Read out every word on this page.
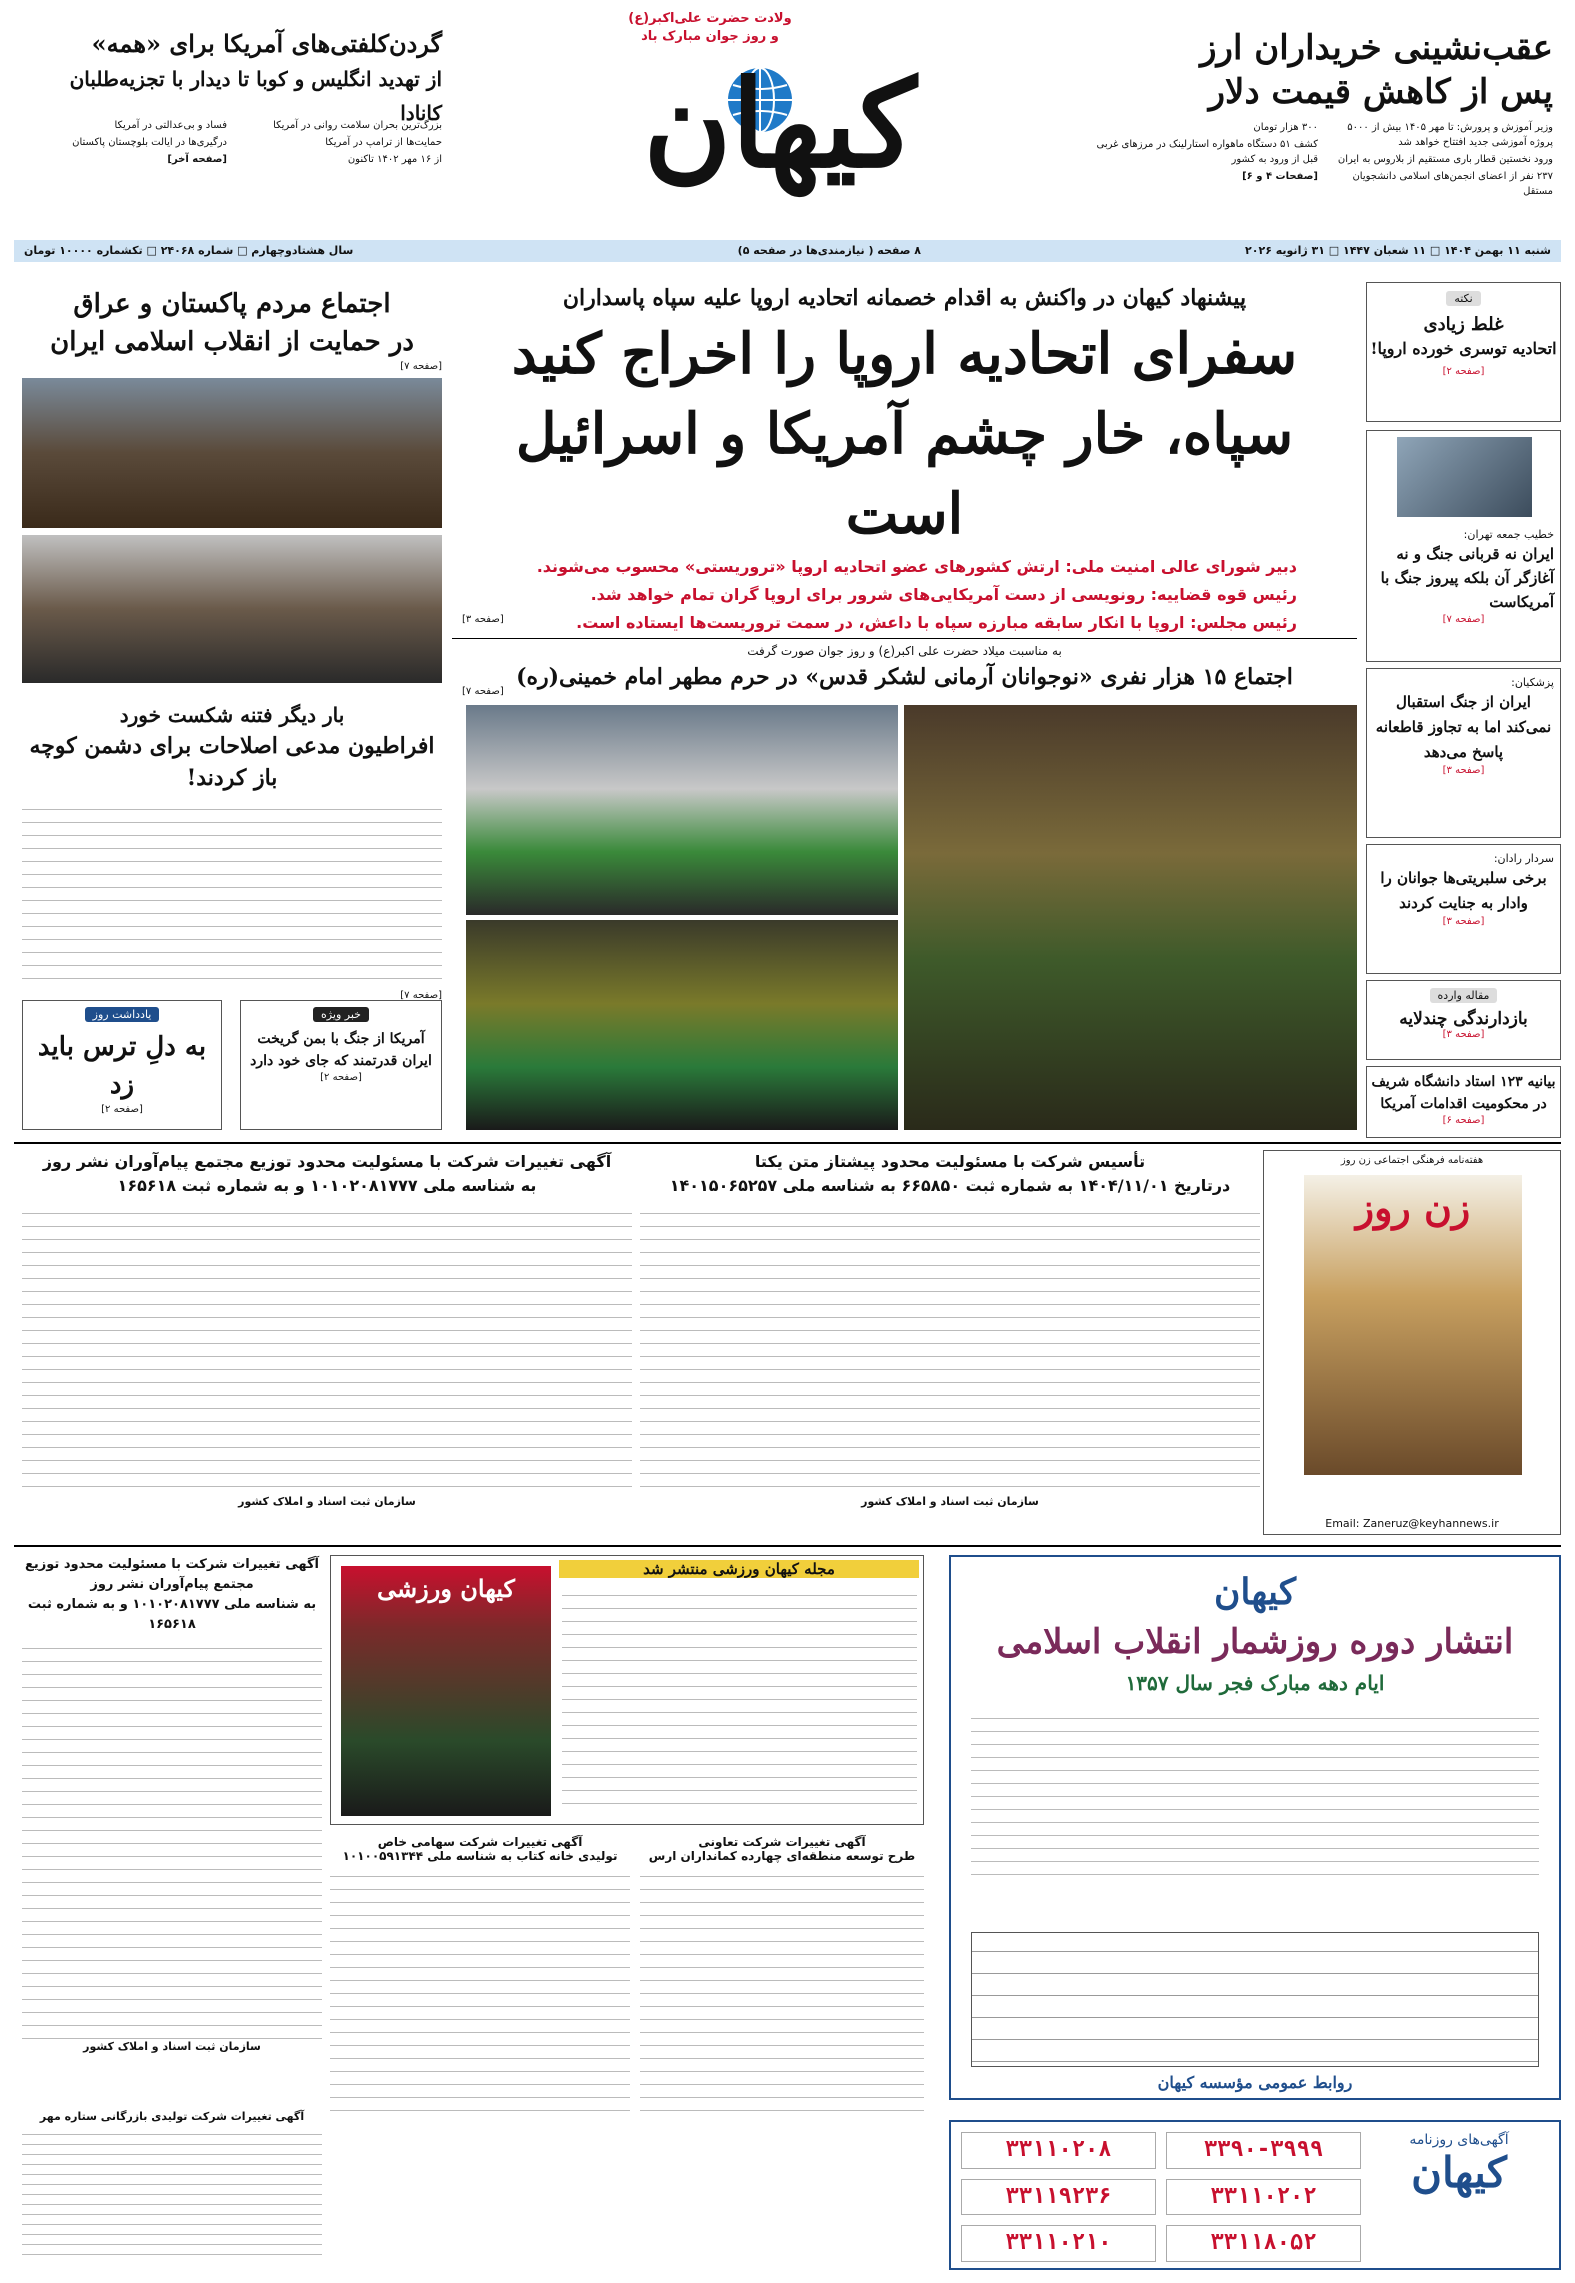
عقب‌نشینی خریداران ارز
پس از کاهش قیمت دلار
وزیر آموزش و پرورش: تا مهر ۱۴۰۵ بیش از ۵۰۰۰ پروژه آموزشی جدید افتتاح خواهد شد
ورود نخستین قطار باری مستقیم از بلاروس به ایران
۲۳۷ نفر از اعضای انجمن‌های اسلامی دانشجویان مستقل
۳۰۰ هزار تومان
کشف ۵۱ دستگاه ماهواره استارلینک در مرزهای غربی قبل از ورود به کشور
[صفحات ۴ و ۶]
ولادت حضرت علی‌اکبر(ع)
و روز جوان مبارک باد
کیهان
گردن‌کلفتی‌های آمریکا برای «همه»
از تهدید انگلیس و کوبا تا دیدار با تجزیه‌طلبان کانادا
بزرگ‌ترین بحران سلامت روانی در آمریکا
حمایت‌ها از ترامپ در آمریکا
از ۱۶ مهر ۱۴۰۲ تاکنون
فساد و بی‌عدالتی در آمریکا
درگیری‌ها در ایالت بلوچستان پاکستان
[صفحه آخر]
شنبه ۱۱ بهمن ۱۴۰۴ □ ۱۱ شعبان ۱۴۴۷ □ ۳۱ ژانویه ۲۰۲۶
۸ صفحه ( نیازمندی‌ها در صفحه ۵)
سال هشتادوچهارم □ شماره ۲۴۰۶۸ □ تکشماره ۱۰۰۰۰ تومان
نکته
غلط زیادی
اتحادیه توسری خورده اروپا!
[صفحه ۲]
خطیب جمعه تهران:
ایران نه قربانی جنگ و نه آغازگر آن بلکه پیروز جنگ با آمریکاست
[صفحه ۷]
پزشکیان:
ایران از جنگ استقبال نمی‌کند اما به تجاوز قاطعانه پاسخ می‌دهد
[صفحه ۳]
سردار رادان:
برخی سلبریتی‌ها جوانان را وادار به جنایت کردند
[صفحه ۳]
مقاله وارده
بازدارندگی چندلایه
[صفحه ۳]
بیانیه ۱۲۳ استاد دانشگاه شریف در محکومیت اقدامات آمریکا
[صفحه ۶]
پیشنهاد کیهان در واکنش به اقدام خصمانه اتحادیه اروپا علیه سپاه پاسداران
سفرای اتحادیه اروپا را اخراج کنید
سپاه، خار چشم آمریکا و اسرائیل است
دبیر شورای عالی امنیت ملی: ارتش کشورهای عضو اتحادیه اروپا «تروریستی» محسوب می‌شوند.
رئیس قوه قضاییه: رونویسی از دست آمریکایی‌های شرور برای اروپا گران تمام خواهد شد.
رئیس مجلس: اروپا با انکار سابقه مبارزه سپاه با داعش، در سمت تروریست‌ها ایستاده است.
[صفحه ۳]
به مناسبت میلاد حضرت علی اکبر(ع) و روز جوان صورت گرفت
اجتماع ۱۵ هزار نفری «نوجوانان آرمانی لشکر قدس» در حرم مطهر امام خمینی(ره)
[صفحه ۷]
اجتماع مردم پاکستان و عراق
در حمایت از انقلاب اسلامی ایران
[صفحه ۷]
بار دیگر فتنه شکست خورد
افراطیون مدعی اصلاحات برای دشمن کوچه باز کردند!
[صفحه ۷]
یادداشت روز
به دلِ ترس باید زد
[صفحه ۲]
خبر ویژه
آمریکا از جنگ با بمن گریخت ایران قدرتمند که جای خود دارد
[صفحه ۲]
هفته‌نامه فرهنگی اجتماعی زن روز
زن روز
Email: Zaneruz@keyhannews.ir
تأسیس شرکت با مسئولیت محدود پیشتاز متن یکتا
درتاریخ ۱۴۰۴/۱۱/۰۱ به شماره ثبت ۶۶۵۸۵۰ به شناسه ملی ۱۴۰۱۵۰۶۵۲۵۷
سازمان ثبت اسناد و املاک کشور
آگهی تغییرات شرکت با مسئولیت محدود توزیع مجتمع پیام‌آوران نشر روز
به شناسه ملی ۱۰۱۰۲۰۸۱۷۷۷ و به شماره ثبت ۱۶۵۶۱۸
سازمان ثبت اسناد و املاک کشور
کیهان
انتشار دوره روزشمار انقلاب اسلامی
ایام دهه مبارک فجر سال ۱۳۵۷
روابط عمومی مؤسسه کیهان
مجله کیهان ورزشی منتشر شد
کیهان ورزشی
آگهی تغییرات شرکت تعاونی
طرح توسعه منطقه‌ای چهارده کمانداران ارس
آگهی تغییرات شرکت سهامی خاص
تولیدی خانه کتاب به شناسه ملی ۱۰۱۰۰۵۹۱۳۴۴
آگهی تغییرات شرکت با مسئولیت محدود توزیع مجتمع پیام‌آوران نشر روز
به شناسه ملی ۱۰۱۰۲۰۸۱۷۷۷ و به شماره ثبت ۱۶۵۶۱۸
سازمان ثبت اسناد و املاک کشور
آگهی تغییرات شرکت تولیدی بازرگانی ستاره مهر
آگهی‌های روزنامه
کیهان
۳۳۹۰-۳۹۹۹
۳۳۱۱۰۲۰۸
۳۳۱۱۰۲۰۲
۳۳۱۱۹۲۳۶
۳۳۱۱۸۰۵۲
۳۳۱۱۰۲۱۰
